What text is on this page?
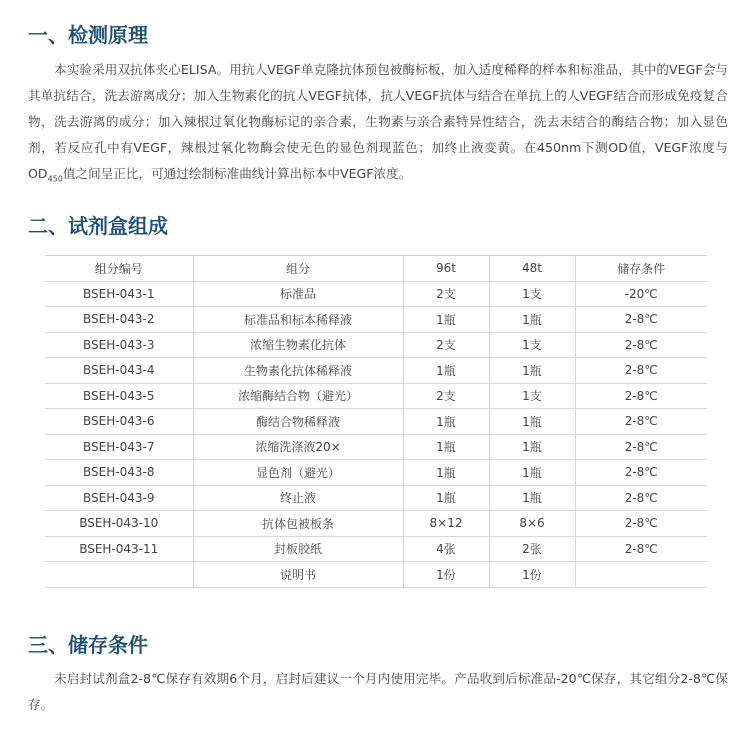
一、检测原理

本实验采用双抗体夹心ELISA。用抗人VEGF单克隆抗体预包被酶标板，加入适度稀释的样本和标准品，其中的VEGF会与其单抗结合，洗去游离成分；加入生物素化的抗人VEGF抗体，抗人VEGF抗体与结合在单抗上的人VEGF结合而形成免疫复合物，洗去游离的成分；加入辣根过氧化物酶标记的亲合素，生物素与亲合素特异性结合，洗去未结合的酶结合物；加入显色剂，若反应孔中有VEGF，辣根过氧化物酶会使无色的显色剂现蓝色；加终止液变黄。在450nm下测OD值，VEGF浓度与$OD_{450}$值之间呈正比，可通过绘制标准曲线计算出标本中VEGF浓度。

二、试剂盒组成
组分编号	组分	96t	48t	储存条件
BSEH-043-1	标准品	2支	1支	-20℃
BSEH-043-2	标准品和标本稀释液	1瓶	1瓶	2-8℃
BSEH-043-3	浓缩生物素化抗体	2支	1支	2-8℃
BSEH-043-4	生物素化抗体稀释液	1瓶	1瓶	2-8℃
BSEH-043-5	浓缩酶结合物（避光）	2支	1支	2-8℃
BSEH-043-6	酶结合物稀释液	1瓶	1瓶	2-8℃
BSEH-043-7	浓缩洗涤液20×	1瓶	1瓶	2-8℃
BSEH-043-8	显色剂（避光）	1瓶	1瓶	2-8℃
BSEH-043-9	终止液	1瓶	1瓶	2-8℃
BSEH-043-10	抗体包被板条	8×12	8×6	2-8℃
BSEH-043-11	封板胶纸	4张	2张	2-8℃
	说明书	1份	1份	
三、储存条件

未启封试剂盒2-8℃保存有效期6个月，启封后建议一个月内使用完毕。产品收到后标准品-20℃保存，其它组分2-8℃保存。
